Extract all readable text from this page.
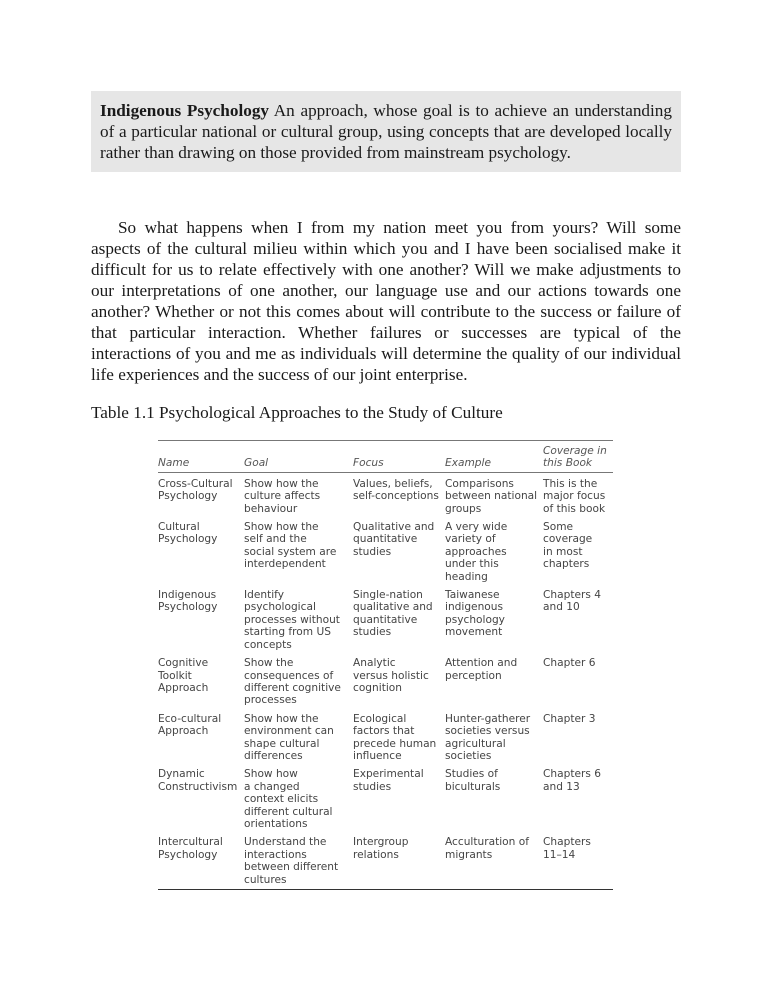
Indigenous Psychology An approach, whose goal is to achieve an understanding of a particular national or cultural group, using concepts that are developed locally rather than drawing on those provided from mainstream psychology.

So what happens when I from my nation meet you from yours? Will some aspects of the cultural milieu within which you and I have been socialised make it difficult for us to relate effectively with one another? Will we make adjustments to our interpretations of one another, our language use and our actions towards one another? Whether or not this comes about will contribute to the success or failure of that particular interaction. Whether failures or successes are typical of the interactions of you and me as individuals will determine the quality of our individual life experiences and the success of our joint enterprise.

Table 1.1 Psychological Approaches to the Study of Culture

Name	Goal	Focus	Example	Coverage in
this Book

Cross-Cultural
Psychology	Show how the
culture affects
behaviour	Values, beliefs,
self-conceptions	Comparisons
between national
groups	This is the
major focus
of this book

Cultural
Psychology	Show how the
self and the
social system are
interdependent	Qualitative and
quantitative
studies	A very wide
variety of
approaches
under this
heading	Some
coverage
in most
chapters

Indigenous
Psychology	Identify
psychological
processes without
starting from US
concepts	Single-nation
qualitative and
quantitative
studies	Taiwanese
indigenous
psychology
movement	Chapters 4
and 10

Cognitive
Toolkit
Approach	Show the
consequences of
different cognitive
processes	Analytic
versus holistic
cognition	Attention and
perception	Chapter 6

Eco-cultural
Approach	Show how the
environment can
shape cultural
differences	Ecological
factors that
precede human
influence	Hunter-gatherer
societies versus
agricultural
societies	Chapter 3

Dynamic
Constructivism	Show how
a changed
context elicits
different cultural
orientations	Experimental
studies	Studies of
biculturals	Chapters 6
and 13

Intercultural
Psychology	Understand the
interactions
between different
cultures	Intergroup
relations	Acculturation of
migrants	Chapters
11–14
